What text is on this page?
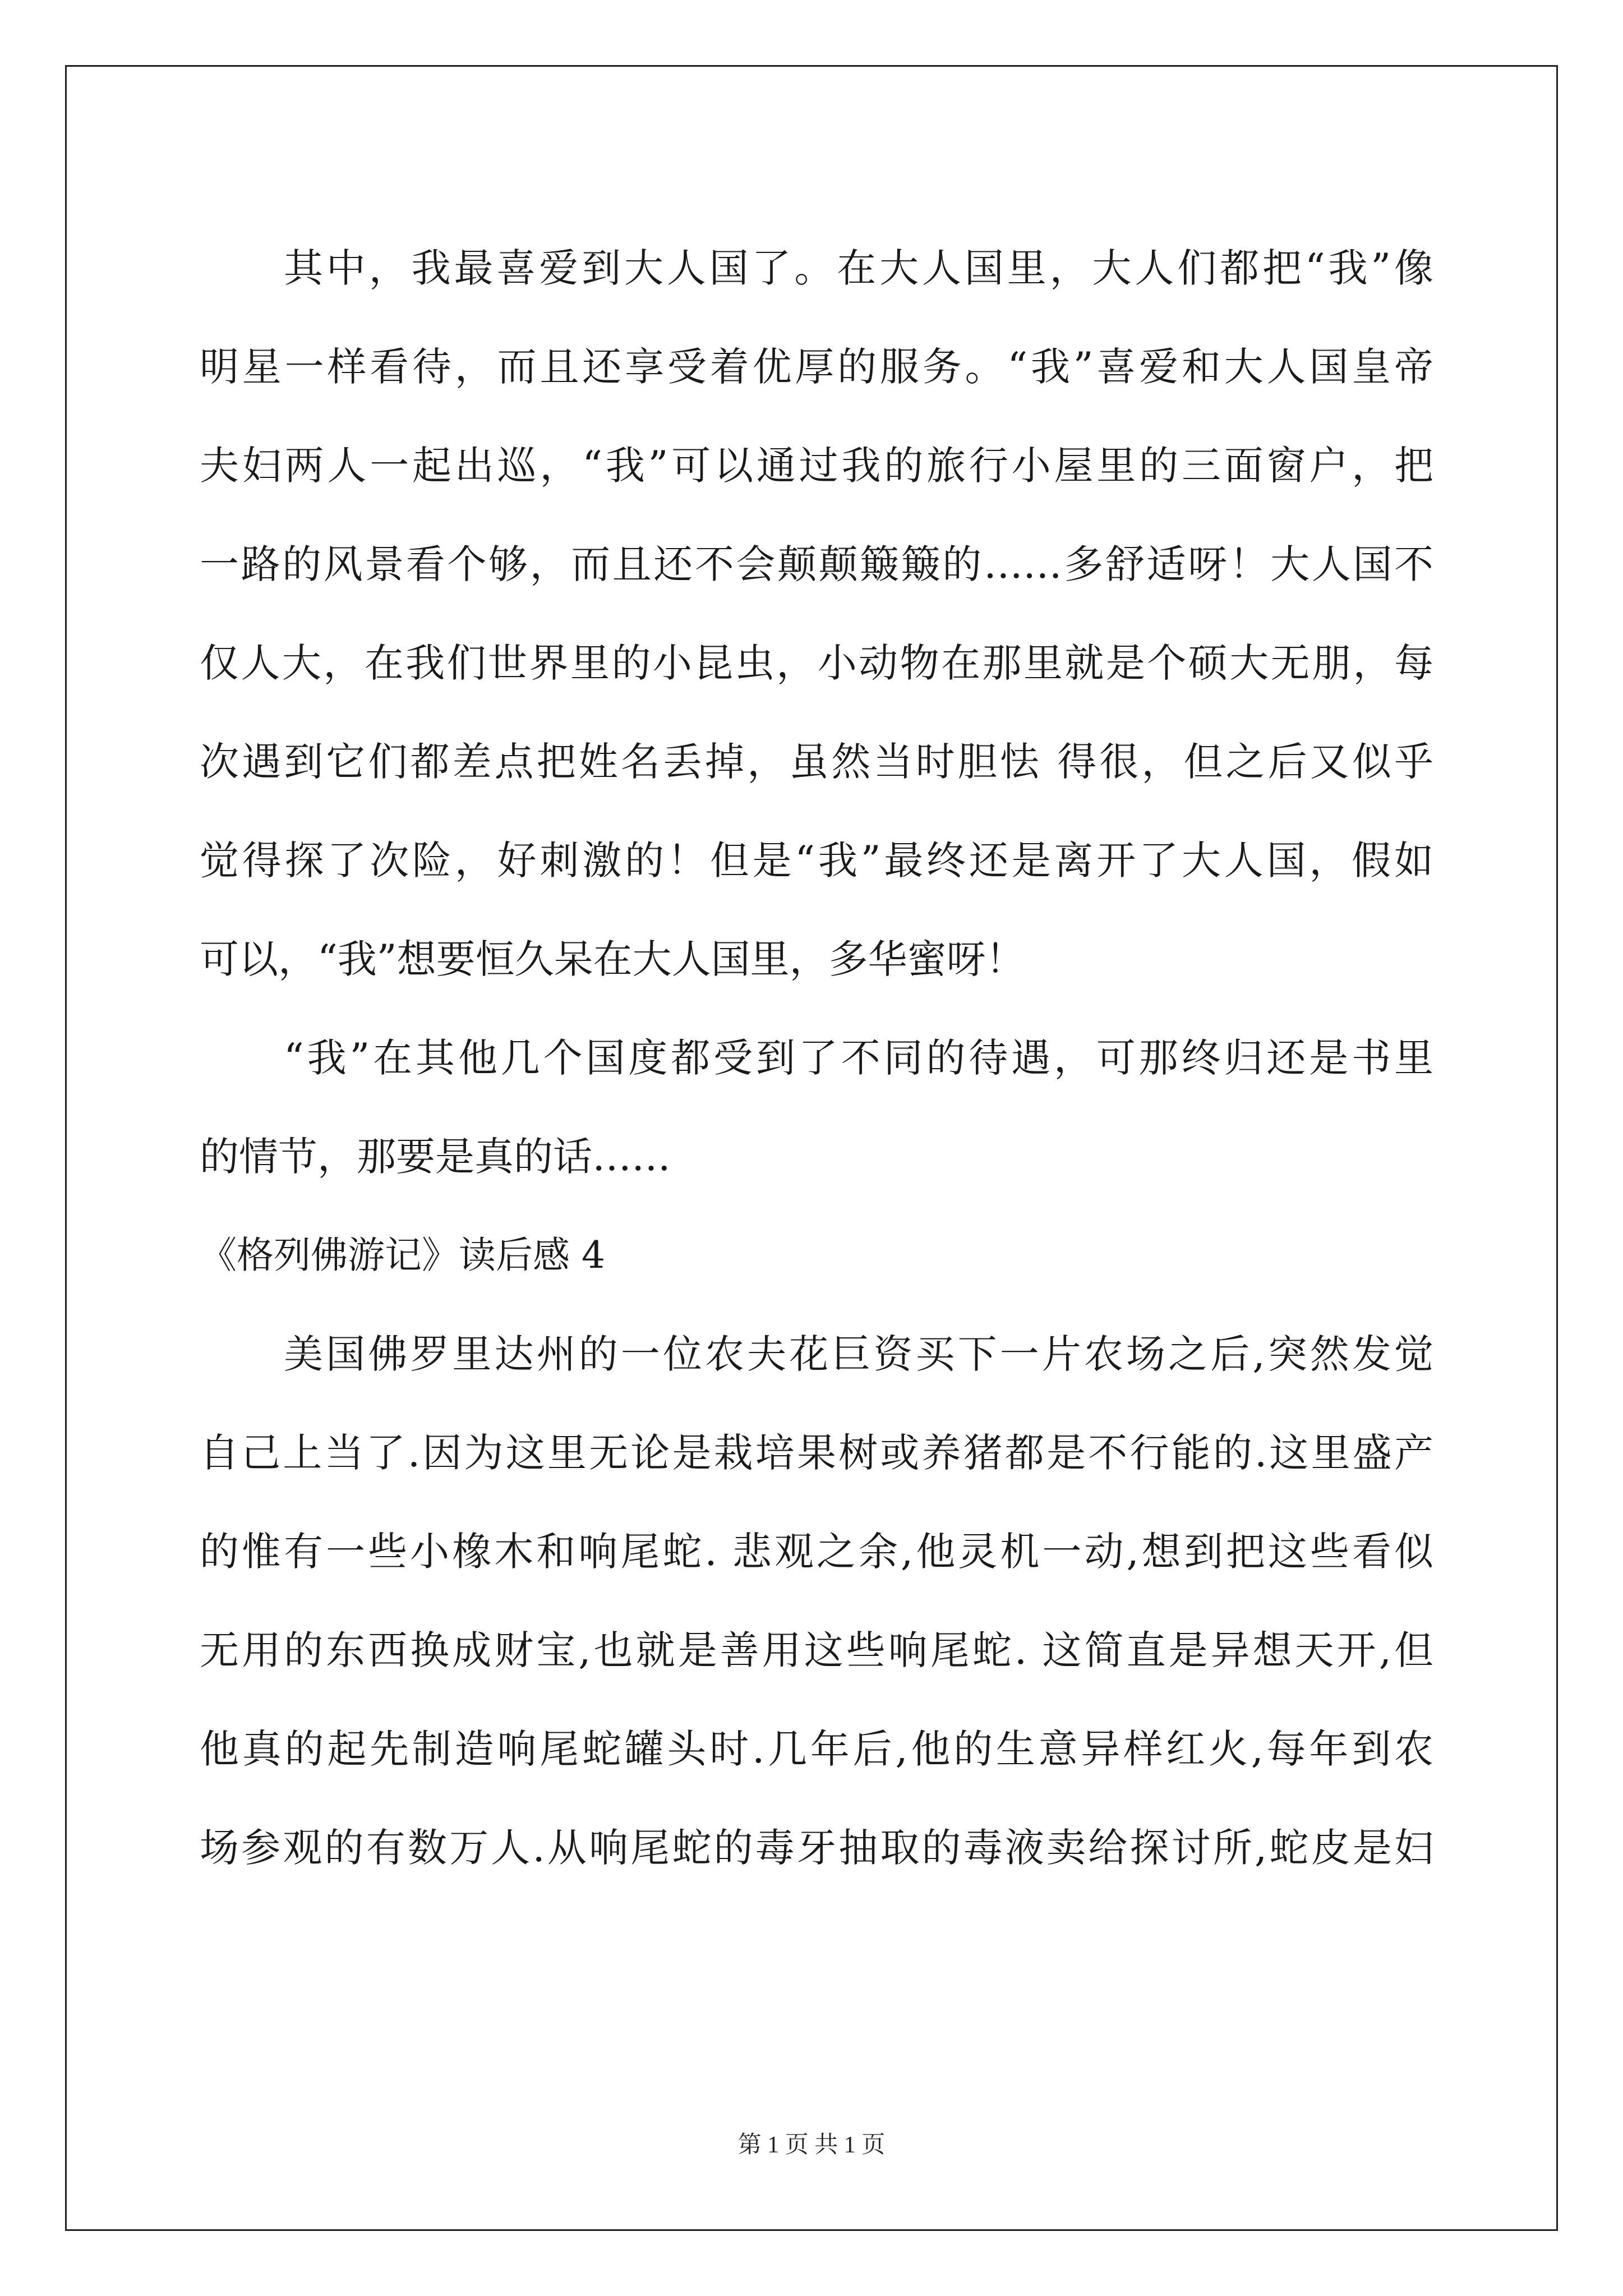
其中，我最喜爱到大人国了。在大人国里，大人们都把“我”像
明星一样看待，而且还享受着优厚的服务。“我”喜爱和大人国皇帝
夫妇两人一起出巡，“我”可以通过我的旅行小屋里的三面窗户，把
一路的风景看个够，而且还不会颠颠簸簸的……多舒适呀！大人国不
仅人大，在我们世界里的小昆虫，小动物在那里就是个硕大无朋，每
次遇到它们都差点把姓名丢掉，虽然当时胆怯 得很，但之后又似乎
觉得探了次险，好刺激的！但是“我”最终还是离开了大人国，假如
可以，“我”想要恒久呆在大人国里，多华蜜呀！
“我”在其他几个国度都受到了不同的待遇，可那终归还是书里
的情节，那要是真的话……
《格列佛游记》读后感 4
美国佛罗里达州的一位农夫花巨资买下一片农场之后,突然发觉
自己上当了.因为这里无论是栽培果树或养猪都是不行能的.这里盛产
的惟有一些小橡木和响尾蛇. 悲观之余,他灵机一动,想到把这些看似
无用的东西换成财宝,也就是善用这些响尾蛇. 这简直是异想天开,但
他真的起先制造响尾蛇罐头时.几年后,他的生意异样红火,每年到农
场参观的有数万人.从响尾蛇的毒牙抽取的毒液卖给探讨所,蛇皮是妇
第 1 页 共 1 页
